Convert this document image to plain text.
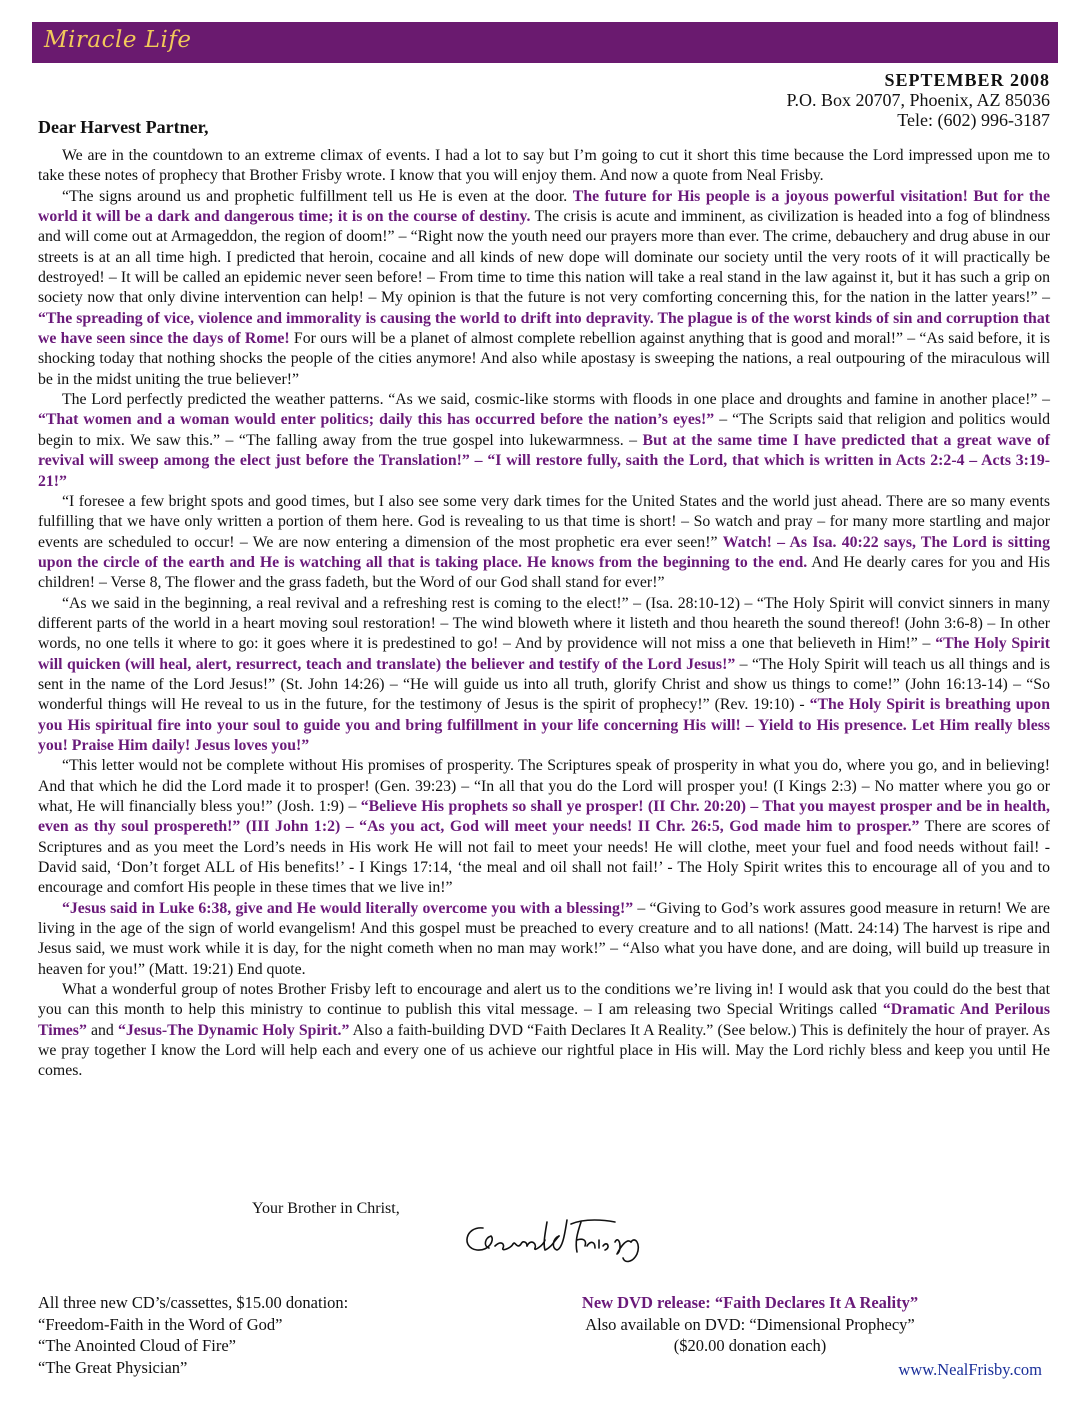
Miracle Life
SEPTEMBER 2008
P.O. Box 20707, Phoenix, AZ 85036
Tele: (602) 996-3187
Dear Harvest Partner,

We are in the countdown to an extreme climax of events. I had a lot to say but I’m going to cut it short this time because the Lord impressed upon me to take these notes of prophecy that Brother Frisby wrote. I know that you will enjoy them. And now a quote from Neal Frisby.

“The signs around us and prophetic fulfillment tell us He is even at the door. The future for His people is a joyous powerful visitation! But for the world it will be a dark and dangerous time; it is on the course of destiny. The crisis is acute and imminent, as civilization is headed into a fog of blindness and will come out at Armageddon, the region of doom!” – “Right now the youth need our prayers more than ever. The crime, debauchery and drug abuse in our streets is at an all time high. I predicted that heroin, cocaine and all kinds of new dope will dominate our society until the very roots of it will practically be destroyed! – It will be called an epidemic never seen before! – From time to time this nation will take a real stand in the law against it, but it has such a grip on society now that only divine intervention can help! – My opinion is that the future is not very comforting concerning this, for the nation in the latter years!” – “The spreading of vice, violence and immorality is causing the world to drift into depravity. The plague is of the worst kinds of sin and corruption that we have seen since the days of Rome! For ours will be a planet of almost complete rebellion against anything that is good and moral!” – “As said before, it is shocking today that nothing shocks the people of the cities anymore! And also while apostasy is sweeping the nations, a real outpouring of the miraculous will be in the midst uniting the true believer!”

The Lord perfectly predicted the weather patterns. “As we said, cosmic-like storms with floods in one place and droughts and famine in another place!” – “That women and a woman would enter politics; daily this has occurred before the nation’s eyes!” – “The Scripts said that religion and politics would begin to mix. We saw this.” – “The falling away from the true gospel into lukewarmness. – But at the same time I have predicted that a great wave of revival will sweep among the elect just before the Translation!” – “I will restore fully, saith the Lord, that which is written in Acts 2:2-4 – Acts 3:19-21!”

“I foresee a few bright spots and good times, but I also see some very dark times for the United States and the world just ahead. There are so many events fulfilling that we have only written a portion of them here. God is revealing to us that time is short! – So watch and pray – for many more startling and major events are scheduled to occur! – We are now entering a dimension of the most prophetic era ever seen!” Watch! – As Isa. 40:22 says, The Lord is sitting upon the circle of the earth and He is watching all that is taking place. He knows from the beginning to the end. And He dearly cares for you and His children! – Verse 8, The flower and the grass fadeth, but the Word of our God shall stand for ever!”

“As we said in the beginning, a real revival and a refreshing rest is coming to the elect!” – (Isa. 28:10-12) – “The Holy Spirit will convict sinners in many different parts of the world in a heart moving soul restoration! – The wind bloweth where it listeth and thou heareth the sound thereof! (John 3:6-8) – In other words, no one tells it where to go: it goes where it is predestined to go! – And by providence will not miss a one that believeth in Him!” – “The Holy Spirit will quicken (will heal, alert, resurrect, teach and translate) the believer and testify of the Lord Jesus!” – “The Holy Spirit will teach us all things and is sent in the name of the Lord Jesus!” (St. John 14:26) – “He will guide us into all truth, glorify Christ and show us things to come!” (John 16:13-14) – “So wonderful things will He reveal to us in the future, for the testimony of Jesus is the spirit of prophecy!” (Rev. 19:10) - “The Holy Spirit is breathing upon you His spiritual fire into your soul to guide you and bring fulfillment in your life concerning His will! – Yield to His presence. Let Him really bless you! Praise Him daily! Jesus loves you!”

“This letter would not be complete without His promises of prosperity. The Scriptures speak of prosperity in what you do, where you go, and in believing! And that which he did the Lord made it to prosper! (Gen. 39:23) – “In all that you do the Lord will prosper you! (I Kings 2:3) – No matter where you go or what, He will financially bless you!” (Josh. 1:9) – “Believe His prophets so shall ye prosper! (II Chr. 20:20) – That you mayest prosper and be in health, even as thy soul prospereth!” (III John 1:2) – “As you act, God will meet your needs! II Chr. 26:5, God made him to prosper.” There are scores of Scriptures and as you meet the Lord’s needs in His work He will not fail to meet your needs! He will clothe, meet your fuel and food needs without fail! - David said, ‘Don’t forget ALL of His benefits!’ - I Kings 17:14, ‘the meal and oil shall not fail!’ - The Holy Spirit writes this to encourage all of you and to encourage and comfort His people in these times that we live in!”

“Jesus said in Luke 6:38, give and He would literally overcome you with a blessing!” – “Giving to God’s work assures good measure in return! We are living in the age of the sign of world evangelism! And this gospel must be preached to every creature and to all nations! (Matt. 24:14) The harvest is ripe and Jesus said, we must work while it is day, for the night cometh when no man may work!” – “Also what you have done, and are doing, will build up treasure in heaven for you!” (Matt. 19:21) End quote.

What a wonderful group of notes Brother Frisby left to encourage and alert us to the conditions we’re living in! I would ask that you could do the best that you can this month to help this ministry to continue to publish this vital message. – I am releasing two Special Writings called “Dramatic And Perilous Times” and “Jesus-The Dynamic Holy Spirit.” Also a faith-building DVD “Faith Declares It A Reality.” (See below.) This is definitely the hour of prayer. As we pray together I know the Lord will help each and every one of us achieve our rightful place in His will. May the Lord richly bless and keep you until He comes.

Your Brother in Christ,
All three new CD’s/cassettes, $15.00 donation:
“Freedom-Faith in the Word of God”
“The Anointed Cloud of Fire”
“The Great Physician”
New DVD release: “Faith Declares It A Reality”
Also available on DVD: “Dimensional Prophecy”
($20.00 donation each)
www.NealFrisby.com
